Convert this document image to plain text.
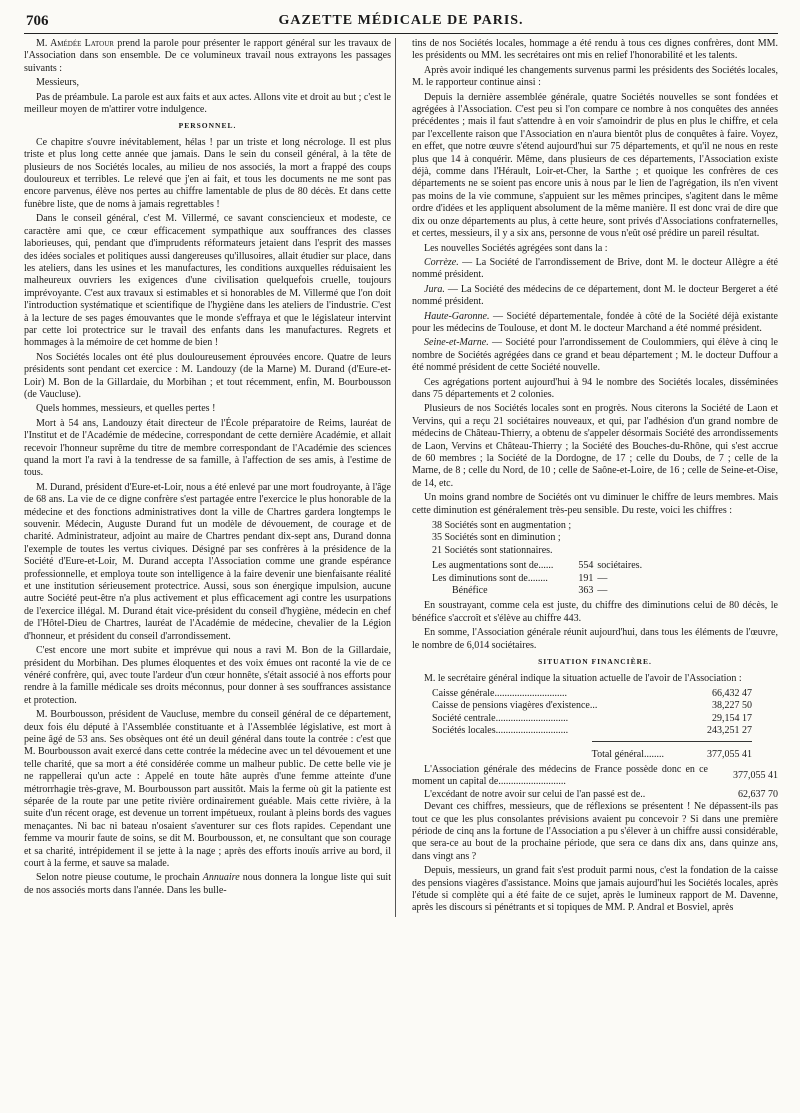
706	GAZETTE MÉDICALE DE PARIS.

M. Amédée Latour prend la parole pour présenter le rapport général sur les travaux de l'Association dans son ensemble. De ce volumineux travail nous extrayons les passages suivants :

Messieurs,

Pas de préambule. La parole est aux faits et aux actes. Allons vite et droit au but ; c'est le meilleur moyen de m'attirer votre indulgence.

PERSONNEL.

Ce chapitre s'ouvre inévitablement, hélas ! par un triste et long nécrologe. Il est plus triste et plus long cette année que jamais. Dans le sein du conseil général, à la tête de plusieurs de nos Sociétés locales, au milieu de nos associés, la mort a frappé des coups douloureux et terribles. Le relevé que j'en ai fait, et tous les documents ne me sont pas encore parvenus, élève nos pertes au chiffre lamentable de plus de 80 décès. Et dans cette funèbre liste, que de noms à jamais regrettables !

Dans le conseil général, c'est M. Villermé, ce savant consciencieux et modeste, ce caractère ami que, ce cœur efficacement sympathique aux souffrances des classes laborieuses, qui, pendant que d'imprudents réformateurs jetaient dans l'esprit des masses des idées sociales et politiques aussi dangereuses qu'illusoires, allait étudier sur place, dans les ateliers, dans les usines et les manufactures, les conditions auxquelles réduisaient les malheureux ouvriers les exigences d'une civilisation quelquefois cruelle, toujours imprévoyante. C'est aux travaux si estimables et si honorables de M. Villermé que l'on doit l'introduction systématique et scientifique de l'hygiène dans les ateliers de l'industrie. C'est à la lecture de ses pages émouvantes que le monde s'effraya et que le législateur intervint par cette loi protectrice sur le travail des enfants dans les manufactures. Regrets et hommages à la mémoire de cet homme de bien !

Nos Sociétés locales ont été plus douloureusement éprouvées encore. Quatre de leurs présidents sont pendant cet exercice : M. Landouzy (de la Marne) M. Durand (d'Eure-et-Loir) M. Bon de la Gillardaie, du Morbihan ; et tout récemment, enfin, M. Bourbousson (de Vaucluse).

Quels hommes, messieurs, et quelles pertes !

Mort à 54 ans, Landouzy était directeur de l'École préparatoire de Reims, lauréat de l'Institut et de l'Académie de médecine, correspondant de cette dernière Académie, et allait recevoir l'honneur suprême du titre de membre correspondant de l'Académie des sciences quand la mort l'a ravi à la tendresse de sa famille, à l'affection de ses amis, à l'estime de tous.

M. Durand, président d'Eure-et-Loir, nous a été enlevé par une mort foudroyante, à l'âge de 68 ans. La vie de ce digne confrère s'est partagée entre l'exercice le plus honorable de la médecine et des fonctions administratives dont la ville de Chartres gardera longtemps le souvenir. Médecin, Auguste Durand fut un modèle de dévouement, de courage et de charité. Administrateur, adjoint au maire de Chartres pendant dix-sept ans, Durand donna l'exemple de toutes les vertus civiques. Désigné par ses confrères à la présidence de la Société d'Eure-et-Loir, M. Durand accepta l'Association comme une grande espérance professionnelle, et employa toute son intelligence à la faire devenir une bienfaisante réalité et une institution sérieusement protectrice. Aussi, sous son énergique impulsion, aucune autre Société peut-être n'a plus activement et plus efficacement agi contre les usurpations de l'exercice illégal. M. Durand était vice-président du conseil d'hygiène, médecin en chef de l'Hôtel-Dieu de Chartres, lauréat de l'Académie de médecine, chevalier de la Légion d'honneur, et président du conseil d'arrondissement.

C'est encore une mort subite et imprévue qui nous a ravi M. Bon de la Gillardaie, président du Morbihan. Des plumes éloquentes et des voix émues ont raconté la vie de ce vénéré confrère, qui, avec toute l'ardeur d'un cœur honnête, s'était associé à nos efforts pour rendre à la famille médicale ses droits méconnus, pour donner à ses souffrances assistance et protection.

M. Bourbousson, président de Vaucluse, membre du conseil général de ce département, deux fois élu député à l'Assemblée constituante et à l'Assemblée législative, est mort à peine âgé de 53 ans. Ses obsèques ont été un deuil général dans toute la contrée : c'est que M. Bourbousson avait exercé dans cette contrée la médecine avec un tel dévouement et une telle charité, que sa mort a été considérée comme un malheur public. De cette belle vie je ne rappellerai qu'un acte : Appelé en toute hâte auprès d'une femme atteinte d'une métrorrhagie très-grave, M. Bourbousson part aussitôt. Mais la ferme où git la patiente est séparée de la route par une petite rivière ordinairement guéable. Mais cette rivière, à la suite d'un récent orage, est devenue un torrent impétueux, roulant à pleins bords des vagues menaçantes. Ni bac ni bateau n'osaient s'aventurer sur ces flots rapides. Cependant une femme va mourir faute de soins, se dit M. Bourbousson, et, ne consultant que son courage et sa charité, intrépidement il se jette à la nage ; après des efforts inouïs arrive au bord, il court à la ferme, et sauve sa malade.

Selon notre pieuse coutume, le prochain Annuaire nous donnera la longue liste qui suit de nos associés morts dans l'année. Dans les bulle-

tins de nos Sociétés locales, hommage a été rendu à tous ces dignes confrères, dont MM. les présidents ou MM. les secrétaires ont mis en relief l'honorabilité et les talents.

Après avoir indiqué les changements survenus parmi les présidents des Sociétés locales, M. le rapporteur continue ainsi :

Depuis la dernière assemblée générale, quatre Sociétés nouvelles se sont fondées et agrégées à l'Association. C'est peu si l'on compare ce nombre à nos conquêtes des années précédentes ; mais il faut s'attendre à en voir s'amoindrir de plus en plus le chiffre, et cela par l'excellente raison que l'Association en n'aura bientôt plus de conquêtes à faire. Voyez, en effet, que notre œuvre s'étend aujourd'hui sur 75 départements, et qu'il ne nous en reste plus que 14 à conquérir. Même, dans plusieurs de ces départements, l'Association existe déjà, comme dans l'Hérault, Loir-et-Cher, la Sarthe ; et quoique les confrères de ces départements ne se soient pas encore unis à nous par le lien de l'agrégation, ils n'en vivent pas moins de la vie commune, s'appuient sur les mêmes principes, s'agitent dans le même ordre d'idées et les appliquent absolument de la même manière. Il est donc vrai de dire que dix ou onze départements au plus, à cette heure, sont privés d'Associations confraternelles, et certes, messieurs, il y a six ans, personne de vous n'eût osé prédire un pareil résultat.

Les nouvelles Sociétés agrégées sont dans la :

Corrèze. — La Société de l'arrondissement de Brive, dont M. le docteur Allègre a été nommé président.

Jura. — La Société des médecins de ce département, dont M. le docteur Bergeret a été nommé président.

Haute-Garonne. — Société départementale, fondée à côté de la Société déjà existante pour les médecins de Toulouse, et dont M. le docteur Marchand a été nommé président.

Seine-et-Marne. — Société pour l'arrondissement de Coulommiers, qui élève à cinq le nombre de Sociétés agrégées dans ce grand et beau département ; M. le docteur Duffour a été nommé président de cette Société nouvelle.

Ces agrégations portent aujourd'hui à 94 le nombre des Sociétés locales, disséminées dans 75 départements et 2 colonies.

Plusieurs de nos Sociétés locales sont en progrès. Nous citerons la Société de Laon et Vervins, qui a reçu 21 sociétaires nouveaux, et qui, par l'adhésion d'un grand nombre de médecins de Château-Thierry, a obtenu de s'appeler désormais Société des arrondissements de Laon, Vervins et Château-Thierry ; la Société des Bouches-du-Rhône, qui s'est accrue de 60 membres ; la Société de la Dordogne, de 17 ; celle du Doubs, de 7 ; celle de la Marne, de 8 ; celle du Nord, de 10 ; celle de Saône-et-Loire, de 16 ; celle de Seine-et-Oise, de 14, etc.

Un moins grand nombre de Sociétés ont vu diminuer le chiffre de leurs membres. Mais cette diminution est généralement très-peu sensible. Du reste, voici les chiffres :

38 Sociétés sont en augmentation ;
35 Sociétés sont en diminution ;
21 Sociétés sont stationnaires.
Les augmentations sont de......	554	sociétaires.
Les diminutions sont de........	191	—
Bénéfice	363	—

En soustrayant, comme cela est juste, du chiffre des diminutions celui de 80 décès, le bénéfice s'accroît et s'élève au chiffre 443.

En somme, l'Association générale réunit aujourd'hui, dans tous les éléments de l'œuvre, le nombre de 6,014 sociétaires.

SITUATION FINANCIÈRE.

M. le secrétaire général indique la situation actuelle de l'avoir de l'Association :

Caisse générale.............................	66,432 47
Caisse de pensions viagères d'existence...	38,227 50
Société centrale.............................	29,154 17
Sociétés locales.............................	243,251 27
Total général........	377,055 41
L'Association générale des médecins de France possède donc en ce moment un capital de...........................	377,055 41
L'excédant de notre avoir sur celui de l'an passé est de..	62,637 70

Devant ces chiffres, messieurs, que de réflexions se présentent ! Ne dépassent-ils pas tout ce que les plus consolantes prévisions avaient pu concevoir ? Si dans une première période de cinq ans la fortune de l'Association a pu s'élever à un chiffre aussi considérable, que sera-ce au bout de la prochaine période, que sera ce dans dix ans, dans quinze ans, dans vingt ans ?

Depuis, messieurs, un grand fait s'est produit parmi nous, c'est la fondation de la caisse des pensions viagères d'assistance. Moins que jamais aujourd'hui les Sociétés locales, après l'étude si complète qui a été faite de ce sujet, après le lumineux rapport de M. Davenne, après les discours si pénétrants et si topiques de MM. P. Andral et Bosviel, après
